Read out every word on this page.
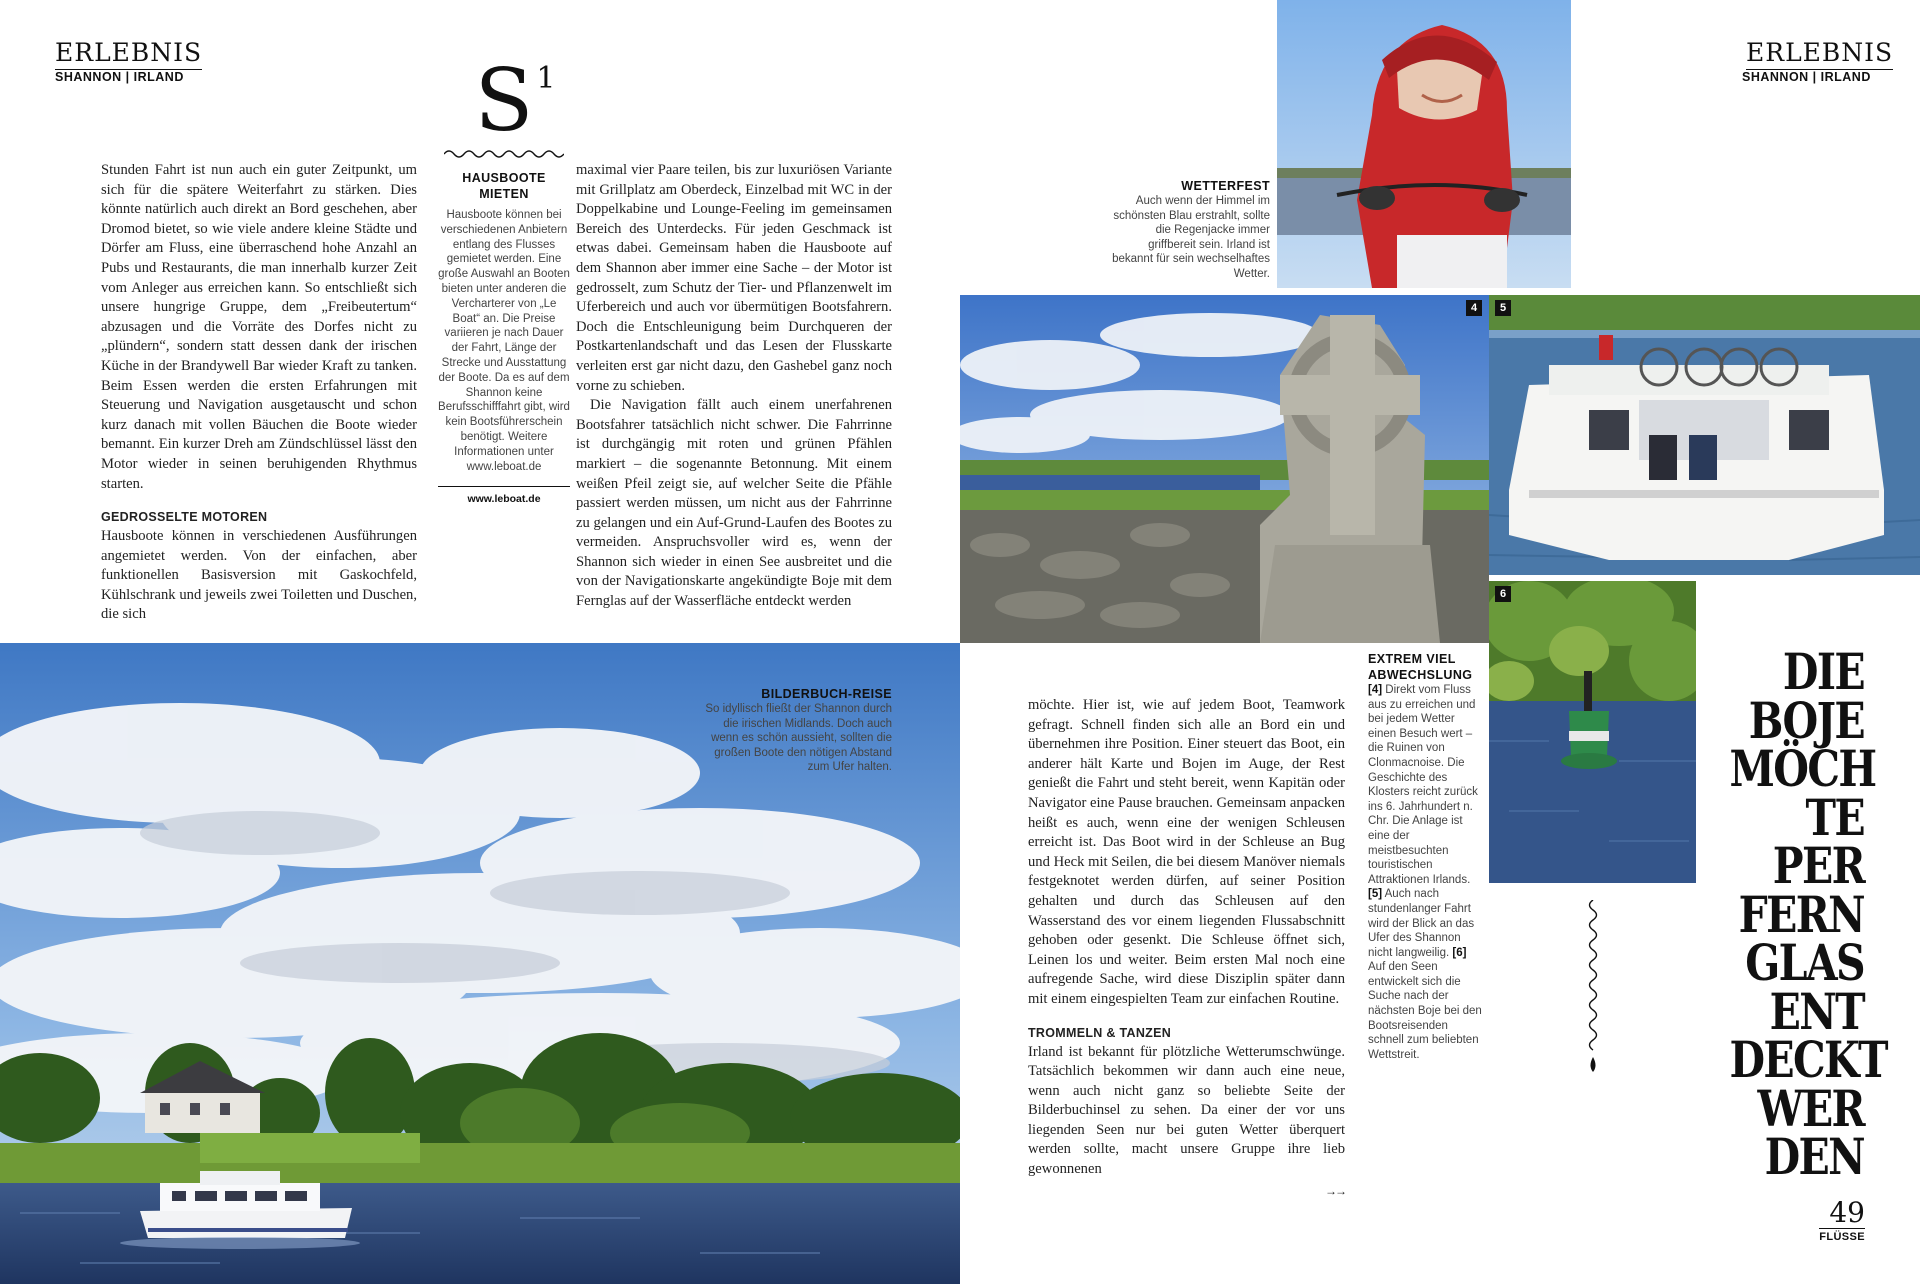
ERLEBNIS
SHANNON | IRLAND

Stunden Fahrt ist nun auch ein guter Zeitpunkt, um sich für die spätere Weiterfahrt zu stärken. Dies könnte natürlich auch direkt an Bord geschehen, aber Dromod bietet, so wie viele andere kleine Städte und Dörfer am Fluss, eine überraschend hohe Anzahl an Pubs und Restaurants, die man innerhalb kurzer Zeit vom Anleger aus erreichen kann. So entschließt sich unsere hungrige Gruppe, dem „Freibeutertum“ abzusagen und die Vorräte des Dorfes nicht zu „plündern“, sondern statt dessen dank der irischen Küche in der Brandywell Bar wieder Kraft zu tanken. Beim Essen werden die ersten Erfahrungen mit Steuerung und Navigation ausgetauscht und schon kurz danach mit vollen Bäuchen die Boote wieder bemannt. Ein kurzer Dreh am Zündschlüssel lässt den Motor wieder in seinen beruhigenden Rhythmus starten.

GEDROSSELTE MOTOREN

Hausboote können in verschiedenen Ausführungen angemietet werden. Von der einfachen, aber funktionellen Basisversion mit Gaskochfeld, Kühlschrank und jeweils zwei Toiletten und Duschen, die sich

S 1
HAUSBOOTE MIETEN
Hausboote können bei verschiedenen Anbietern entlang des Flusses gemietet werden. Eine große Auswahl an Booten bieten unter anderen die Vercharterer von „Le Boat“ an. Die Preise variieren je nach Dauer der Fahrt, Länge der Strecke und Ausstattung der Boote. Da es auf dem Shannon keine Berufsschifffahrt gibt, wird kein Bootsführerschein benötigt. Weitere Informationen unter www.leboat.de
www.leboat.de

maximal vier Paare teilen, bis zur luxuriösen Variante mit Grillplatz am Oberdeck, Einzelbad mit WC in der Doppelkabine und Lounge-Feeling im gemeinsamen Bereich des Unterdecks. Für jeden Geschmack ist etwas dabei. Gemeinsam haben die Hausboote auf dem Shannon aber immer eine Sache – der Motor ist gedrosselt, zum Schutz der Tier- und Pflanzenwelt im Uferbereich und auch vor übermütigen Bootsfahrern. Doch die Entschleunigung beim Durchqueren der Postkartenlandschaft und das Lesen der Flusskarte verleiten erst gar nicht dazu, den Gashebel ganz noch vorne zu schieben.

Die Navigation fällt auch einem unerfahrenen Bootsfahrer tatsächlich nicht schwer. Die Fahrrinne ist durchgängig mit roten und grünen Pfählen markiert – die sogenannte Betonnung. Mit einem weißen Pfeil zeigt sie, auf welcher Seite die Pfähle passiert werden müssen, um nicht aus der Fahrrinne zu gelangen und ein Auf-Grund-Laufen des Bootes zu vermeiden. Anspruchsvoller wird es, wenn der Shannon sich wieder in einen See ausbreitet und die von der Navigationskarte angekündigte Boje mit dem Fernglas auf der Wasserfläche entdeckt werden

BILDERBUCH-REISE
So idyllisch fließt der Shannon durch die irischen Midlands. Doch auch wenn es schön aussieht, sollten die großen Boote den nötigen Abstand zum Ufer halten.
ERLEBNIS
SHANNON | IRLAND
WETTERFEST
Auch wenn der Himmel im schönsten Blau erstrahlt, sollte die Regenjacke immer griffbereit sein. Irland ist bekannt für sein wechselhaftes Wetter.
4	5
6
EXTREM VIEL ABWECHSLUNG
[4] Direkt vom Fluss aus zu erreichen und bei jedem Wetter einen Besuch wert – die Ruinen von Clonmacnoise. Die Geschichte des Klosters reicht zurück ins 6. Jahrhundert n. Chr. Die Anlage ist eine der meistbesuchten touristischen Attraktionen Irlands. [5] Auch nach stundenlanger Fahrt wird der Blick an das Ufer des Shannon nicht langweilig. [6] Auf den Seen entwickelt sich die Suche nach der nächsten Boje bei den Bootsreisenden schnell zum beliebten Wettstreit.

möchte. Hier ist, wie auf jedem Boot, Teamwork gefragt. Schnell finden sich alle an Bord ein und übernehmen ihre Position. Einer steuert das Boot, ein anderer hält Karte und Bojen im Auge, der Rest genießt die Fahrt und steht bereit, wenn Kapitän oder Navigator eine Pause brauchen. Gemeinsam anpacken heißt es auch, wenn eine der wenigen Schleusen erreicht ist. Das Boot wird in der Schleuse an Bug und Heck mit Seilen, die bei diesem Manöver niemals festgeknotet werden dürfen, auf seiner Position gehalten und durch das Schleusen auf den Wasserstand des vor einem liegenden Flussabschnitt gehoben oder gesenkt. Die Schleuse öffnet sich, Leinen los und weiter. Beim ersten Mal noch eine aufregende Sache, wird diese Disziplin später dann mit einem eingespielten Team zur einfachen Routine.

TROMMELN & TANZEN

Irland ist bekannt für plötzliche Wetterumschwünge. Tatsächlich bekommen wir dann auch eine neue, wenn auch nicht ganz so beliebte Seite der Bilderbuchinsel zu sehen. Da einer der vor uns liegenden Seen nur bei guten Wetter überquert werden sollte, macht unsere Gruppe ihre lieb gewonnenen

→→
DIE
BOJE
MÖCH
TE
PER
FERN
GLAS
ENT
DECKT
WER
DEN
49
FLÜSSE
